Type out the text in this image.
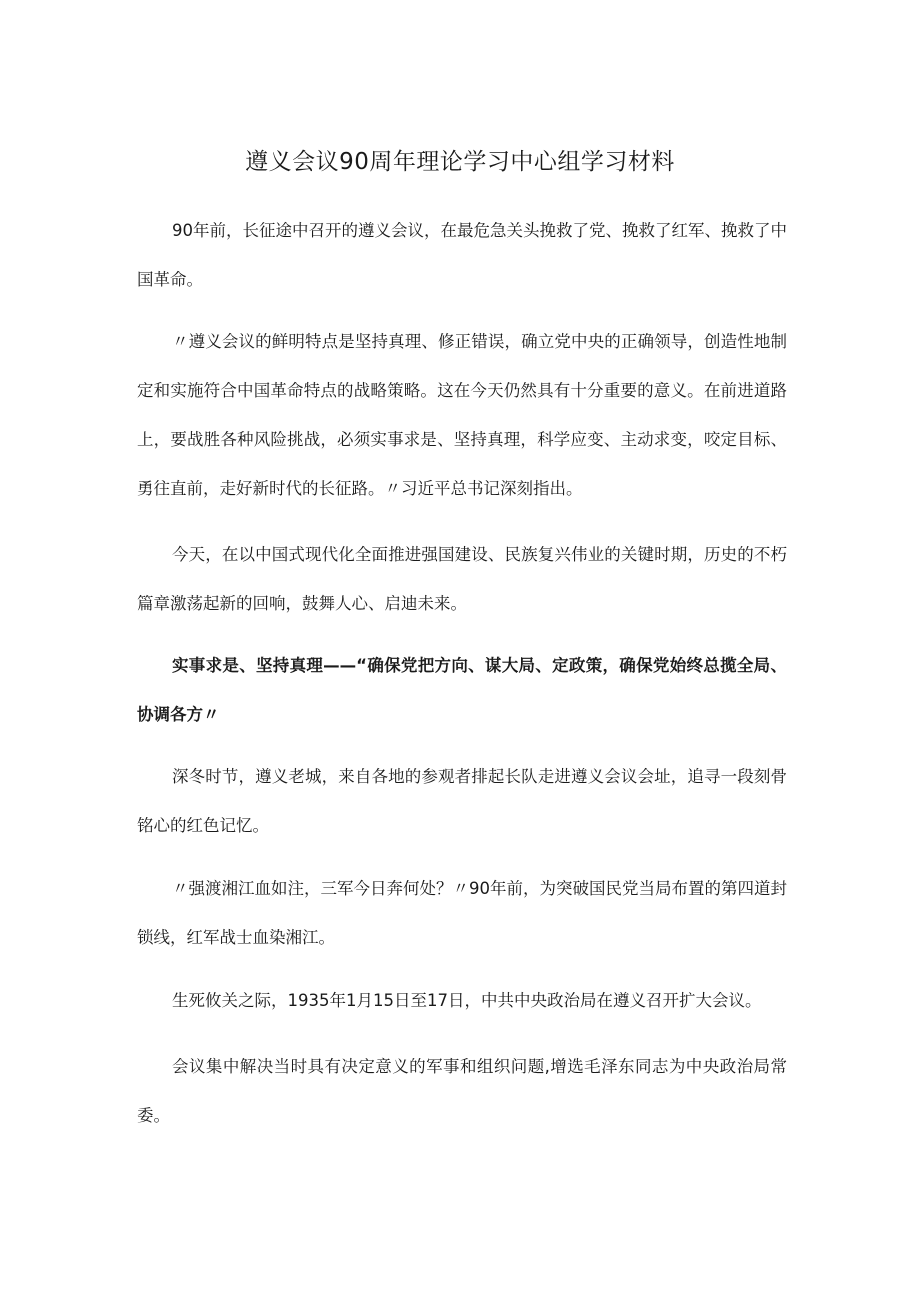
遵义会议90周年理论学习中心组学习材料

90年前，长征途中召开的遵义会议，在最危急关头挽救了党、挽救了红军、挽救了中国革命。

〃遵义会议的鲜明特点是坚持真理、修正错误，确立党中央的正确领导，创造性地制定和实施符合中国革命特点的战略策略。这在今天仍然具有十分重要的意义。在前进道路上，要战胜各种风险挑战，必须实事求是、坚持真理，科学应变、主动求变，咬定目标、勇往直前，走好新时代的长征路。〃习近平总书记深刻指出。

今天，在以中国式现代化全面推进强国建设、民族复兴伟业的关键时期，历史的不朽篇章激荡起新的回响，鼓舞人心、启迪未来。

实事求是、坚持真理——“确保党把方向、谋大局、定政策，确保党始终总揽全局、协调各方〃

深冬时节，遵义老城，来自各地的参观者排起长队走进遵义会议会址，追寻一段刻骨铭心的红色记忆。

〃强渡湘江血如注，三军今日奔何处？〃90年前，为突破国民党当局布置的第四道封锁线，红军战士血染湘江。

生死攸关之际，1935年1月15日至17日，中共中央政治局在遵义召开扩大会议。

会议集中解决当时具有决定意义的军事和组织问题,增选毛泽东同志为中央政治局常委。
